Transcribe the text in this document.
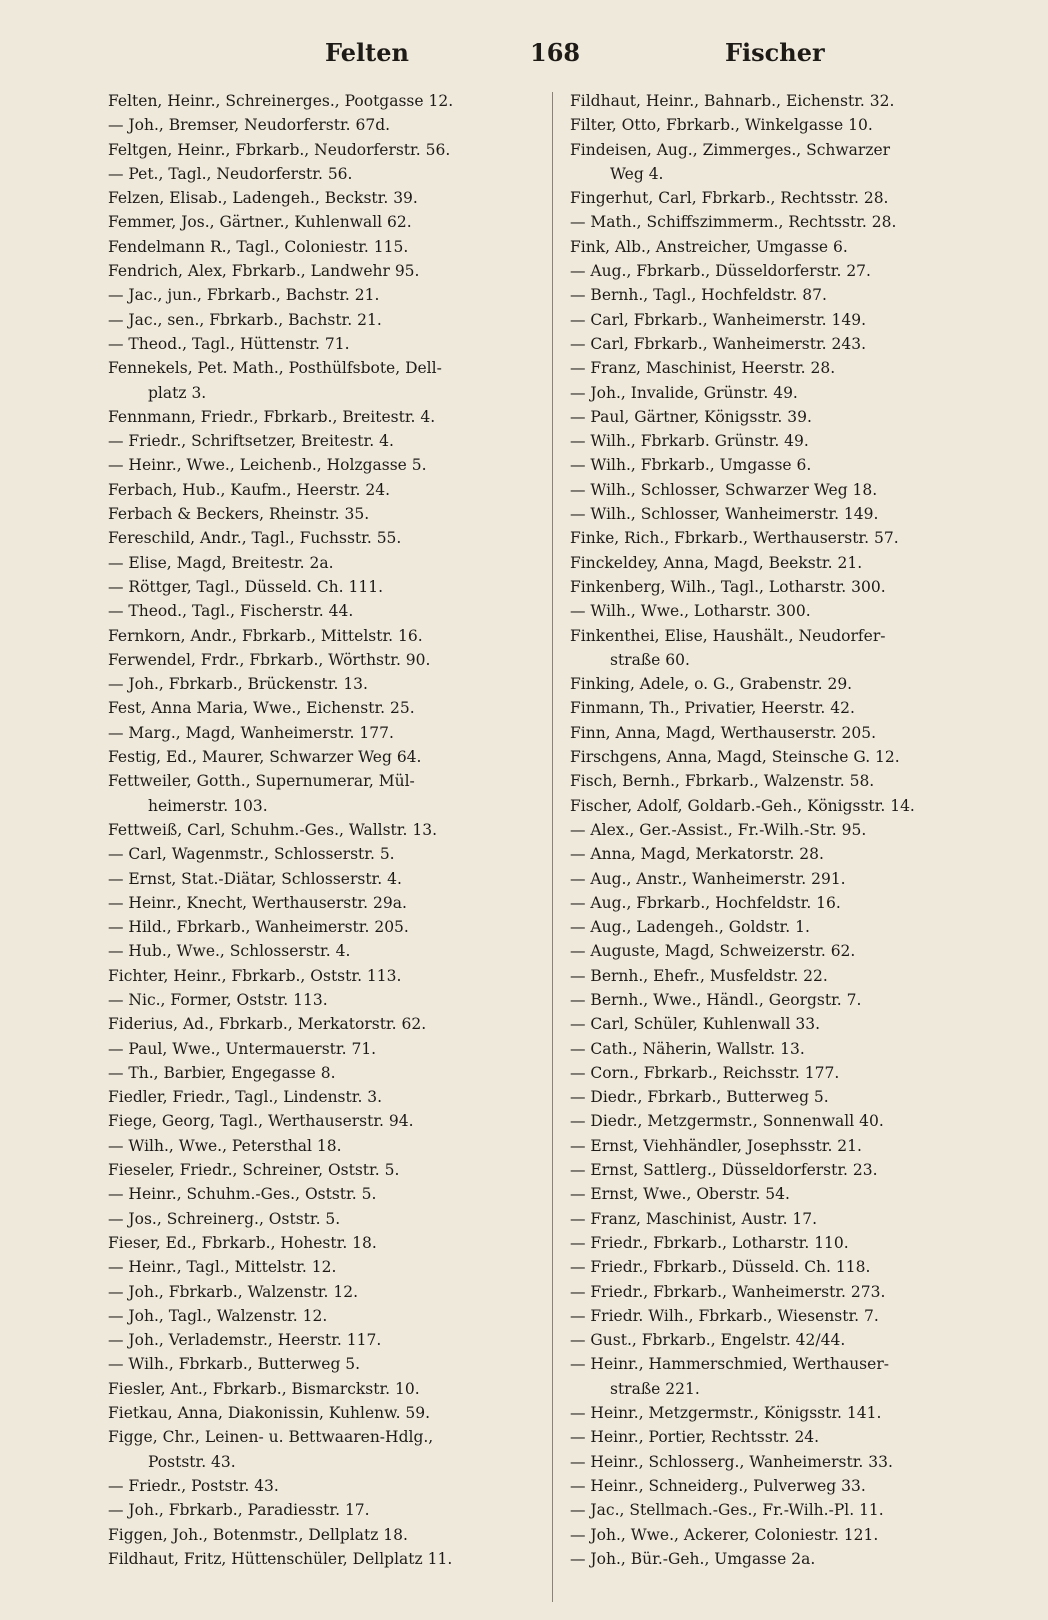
Felten	168	Fischer
Felten, Heinr., Schreinerges., Pootgasse 12.
— Joh., Bremser, Neudorferstr. 67d.
Feltgen, Heinr., Fbrkarb., Neudorferstr. 56.
— Pet., Tagl., Neudorferstr. 56.
Felzen, Elisab., Ladengeh., Beckstr. 39.
Femmer, Jos., Gärtner., Kuhlenwall 62.
Fendelmann R., Tagl., Coloniestr. 115.
Fendrich, Alex, Fbrkarb., Landwehr 95.
— Jac., jun., Fbrkarb., Bachstr. 21.
— Jac., sen., Fbrkarb., Bachstr. 21.
— Theod., Tagl., Hüttenstr. 71.
Fennekels, Pet. Math., Posthülfsbote, Dell-
platz 3.
Fennmann, Friedr., Fbrkarb., Breitestr. 4.
— Friedr., Schriftsetzer, Breitestr. 4.
— Heinr., Wwe., Leichenb., Holzgasse 5.
Ferbach, Hub., Kaufm., Heerstr. 24.
Ferbach & Beckers, Rheinstr. 35.
Fereschild, Andr., Tagl., Fuchsstr. 55.
— Elise, Magd, Breitestr. 2a.
— Röttger, Tagl., Düsseld. Ch. 111.
— Theod., Tagl., Fischerstr. 44.
Fernkorn, Andr., Fbrkarb., Mittelstr. 16.
Ferwendel, Frdr., Fbrkarb., Wörthstr. 90.
— Joh., Fbrkarb., Brückenstr. 13.
Fest, Anna Maria, Wwe., Eichenstr. 25.
— Marg., Magd, Wanheimerstr. 177.
Festig, Ed., Maurer, Schwarzer Weg 64.
Fettweiler, Gotth., Supernumerar, Mül-
heimerstr. 103.
Fettweiß, Carl, Schuhm.-Ges., Wallstr. 13.
— Carl, Wagenmstr., Schlosserstr. 5.
— Ernst, Stat.-Diätar, Schlosserstr. 4.
— Heinr., Knecht, Werthauserstr. 29a.
— Hild., Fbrkarb., Wanheimerstr. 205.
— Hub., Wwe., Schlosserstr. 4.
Fichter, Heinr., Fbrkarb., Oststr. 113.
— Nic., Former, Oststr. 113.
Fiderius, Ad., Fbrkarb., Merkatorstr. 62.
— Paul, Wwe., Untermauerstr. 71.
— Th., Barbier, Engegasse 8.
Fiedler, Friedr., Tagl., Lindenstr. 3.
Fiege, Georg, Tagl., Werthauserstr. 94.
— Wilh., Wwe., Petersthal 18.
Fieseler, Friedr., Schreiner, Oststr. 5.
— Heinr., Schuhm.-Ges., Oststr. 5.
— Jos., Schreinerg., Oststr. 5.
Fieser, Ed., Fbrkarb., Hohestr. 18.
— Heinr., Tagl., Mittelstr. 12.
— Joh., Fbrkarb., Walzenstr. 12.
— Joh., Tagl., Walzenstr. 12.
— Joh., Verlademstr., Heerstr. 117.
— Wilh., Fbrkarb., Butterweg 5.
Fiesler, Ant., Fbrkarb., Bismarckstr. 10.
Fietkau, Anna, Diakonissin, Kuhlenw. 59.
Figge, Chr., Leinen- u. Bettwaaren-Hdlg.,
Poststr. 43.
— Friedr., Poststr. 43.
— Joh., Fbrkarb., Paradiesstr. 17.
Figgen, Joh., Botenmstr., Dellplatz 18.
Fildhaut, Fritz, Hüttenschüler, Dellplatz 11.
Fildhaut, Heinr., Bahnarb., Eichenstr. 32.
Filter, Otto, Fbrkarb., Winkelgasse 10.
Findeisen, Aug., Zimmerges., Schwarzer
Weg 4.
Fingerhut, Carl, Fbrkarb., Rechtsstr. 28.
— Math., Schiffszimmerm., Rechtsstr. 28.
Fink, Alb., Anstreicher, Umgasse 6.
— Aug., Fbrkarb., Düsseldorferstr. 27.
— Bernh., Tagl., Hochfeldstr. 87.
— Carl, Fbrkarb., Wanheimerstr. 149.
— Carl, Fbrkarb., Wanheimerstr. 243.
— Franz, Maschinist, Heerstr. 28.
— Joh., Invalide, Grünstr. 49.
— Paul, Gärtner, Königsstr. 39.
— Wilh., Fbrkarb. Grünstr. 49.
— Wilh., Fbrkarb., Umgasse 6.
— Wilh., Schlosser, Schwarzer Weg 18.
— Wilh., Schlosser, Wanheimerstr. 149.
Finke, Rich., Fbrkarb., Werthauserstr. 57.
Finckeldey, Anna, Magd, Beekstr. 21.
Finkenberg, Wilh., Tagl., Lotharstr. 300.
— Wilh., Wwe., Lotharstr. 300.
Finkenthei, Elise, Haushält., Neudorfer-
straße 60.
Finking, Adele, o. G., Grabenstr. 29.
Finmann, Th., Privatier, Heerstr. 42.
Finn, Anna, Magd, Werthauserstr. 205.
Firschgens, Anna, Magd, Steinsche G. 12.
Fisch, Bernh., Fbrkarb., Walzenstr. 58.
Fischer, Adolf, Goldarb.-Geh., Königsstr. 14.
— Alex., Ger.-Assist., Fr.-Wilh.-Str. 95.
— Anna, Magd, Merkatorstr. 28.
— Aug., Anstr., Wanheimerstr. 291.
— Aug., Fbrkarb., Hochfeldstr. 16.
— Aug., Ladengeh., Goldstr. 1.
— Auguste, Magd, Schweizerstr. 62.
— Bernh., Ehefr., Musfeldstr. 22.
— Bernh., Wwe., Händl., Georgstr. 7.
— Carl, Schüler, Kuhlenwall 33.
— Cath., Näherin, Wallstr. 13.
— Corn., Fbrkarb., Reichsstr. 177.
— Diedr., Fbrkarb., Butterweg 5.
— Diedr., Metzgermstr., Sonnenwall 40.
— Ernst, Viehhändler, Josephsstr. 21.
— Ernst, Sattlerg., Düsseldorferstr. 23.
— Ernst, Wwe., Oberstr. 54.
— Franz, Maschinist, Austr. 17.
— Friedr., Fbrkarb., Lotharstr. 110.
— Friedr., Fbrkarb., Düsseld. Ch. 118.
— Friedr., Fbrkarb., Wanheimerstr. 273.
— Friedr. Wilh., Fbrkarb., Wiesenstr. 7.
— Gust., Fbrkarb., Engelstr. 42/44.
— Heinr., Hammerschmied, Werthauser-
straße 221.
— Heinr., Metzgermstr., Königsstr. 141.
— Heinr., Portier, Rechtsstr. 24.
— Heinr., Schlosserg., Wanheimerstr. 33.
— Heinr., Schneiderg., Pulverweg 33.
— Jac., Stellmach.-Ges., Fr.-Wilh.-Pl. 11.
— Joh., Wwe., Ackerer, Coloniestr. 121.
— Joh., Bür.-Geh., Umgasse 2a.
